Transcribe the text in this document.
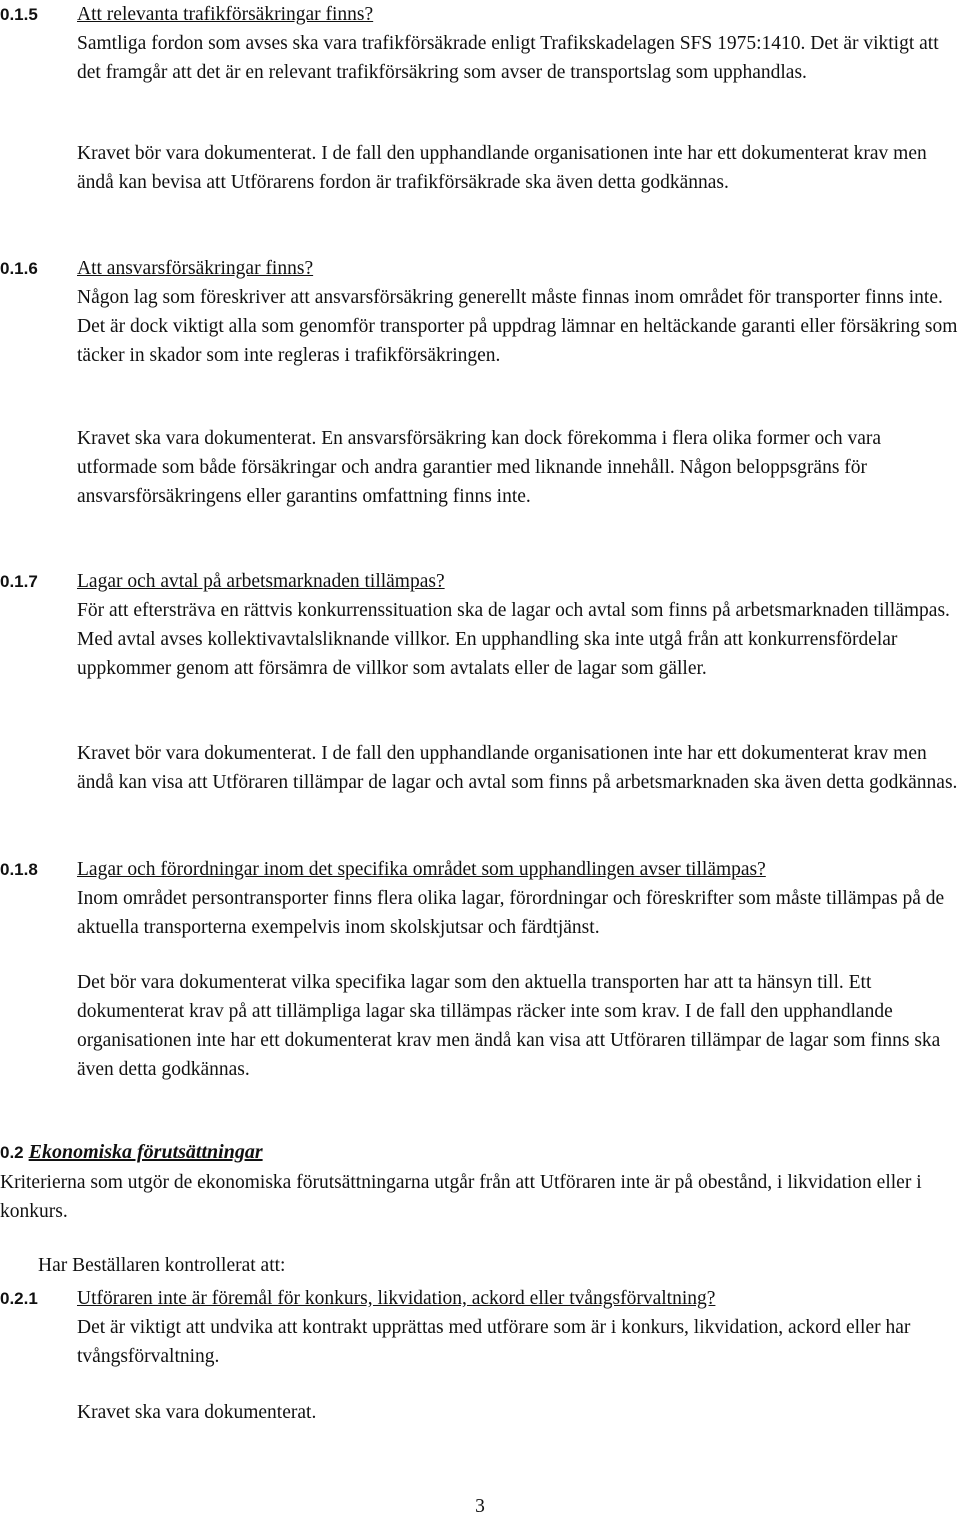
0.1.5	Att relevanta trafikförsäkringar finns?

Samtliga fordon som avses ska vara trafikförsäkrade enligt Trafikskadelagen SFS 1975:1410. Det är viktigt att det framgår att det är en relevant trafikförsäkring som avser de transportslag som upphandlas.

Kravet bör vara dokumenterat. I de fall den upphandlande organisationen inte har ett dokumenterat krav men ändå kan bevisa att Utförarens fordon är trafikförsäkrade ska även detta godkännas.

0.1.6	Att ansvarsförsäkringar finns?

Någon lag som föreskriver att ansvarsförsäkring generellt måste finnas inom området för transporter finns inte. Det är dock viktigt alla som genomför transporter på uppdrag lämnar en heltäckande garanti eller försäkring som täcker in skador som inte regleras i trafikförsäkringen.

Kravet ska vara dokumenterat. En ansvarsförsäkring kan dock förekomma i flera olika former och vara utformade som både försäkringar och andra garantier med liknande innehåll. Någon beloppsgräns för ansvarsförsäkringens eller garantins omfattning finns inte.

0.1.7	Lagar och avtal på arbetsmarknaden tillämpas?

För att eftersträva en rättvis konkurrenssituation ska de lagar och avtal som finns på arbetsmarknaden tillämpas. Med avtal avses kollektivavtalsliknande villkor. En upphandling ska inte utgå från att konkurrensfördelar uppkommer genom att försämra de villkor som avtalats eller de lagar som gäller.

Kravet bör vara dokumenterat. I de fall den upphandlande organisationen inte har ett dokumenterat krav men ändå kan visa att Utföraren tillämpar de lagar och avtal som finns på arbetsmarknaden ska även detta godkännas.

0.1.8	Lagar och förordningar inom det specifika området som upphandlingen avser tillämpas?

Inom området persontransporter finns flera olika lagar, förordningar och föreskrifter som måste tillämpas på de aktuella transporterna exempelvis inom skolskjutsar och färdtjänst.

Det bör vara dokumenterat vilka specifika lagar som den aktuella transporten har att ta hänsyn till. Ett dokumenterat krav på att tillämpliga lagar ska tillämpas räcker inte som krav. I de fall den upphandlande organisationen inte har ett dokumenterat krav men ändå kan visa att Utföraren tillämpar de lagar som finns ska även detta godkännas.

0.2 Ekonomiska förutsättningar

Kriterierna som utgör de ekonomiska förutsättningarna utgår från att Utföraren inte är på obestånd, i likvidation eller i konkurs.

Har Beställaren kontrollerat att:
0.2.1	Utföraren inte är föremål för konkurs, likvidation, ackord eller tvångsförvaltning?

Det är viktigt att undvika att kontrakt upprättas med utförare som är i konkurs, likvidation, ackord eller har tvångsförvaltning.

Kravet ska vara dokumenterat.

3
